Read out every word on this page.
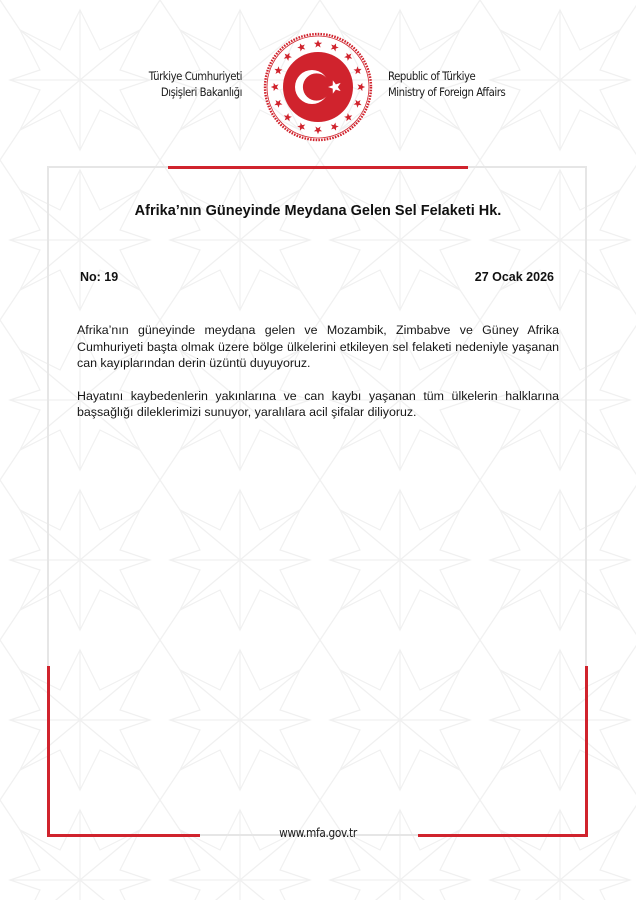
Türkiye Cumhuriyeti
Dışişleri Bakanlığı
Republic of Türkiye
Ministry of Foreign Affairs
Afrika’nın Güneyinde Meydana Gelen Sel Felaketi Hk.
No: 19	27 Ocak 2026

Afrika’nın güneyinde meydana gelen ve Mozambik, Zimbabve ve Güney Afrika Cumhuriyeti başta olmak üzere bölge ülkelerini etkileyen sel felaketi nedeniyle yaşanan can kayıplarından derin üzüntü duyuyoruz.

Hayatını kaybedenlerin yakınlarına ve can kaybı yaşanan tüm ülkelerin halklarına başsağlığı dileklerimizi sunuyor, yaralılara acil şifalar diliyoruz.

www.mfa.gov.tr
